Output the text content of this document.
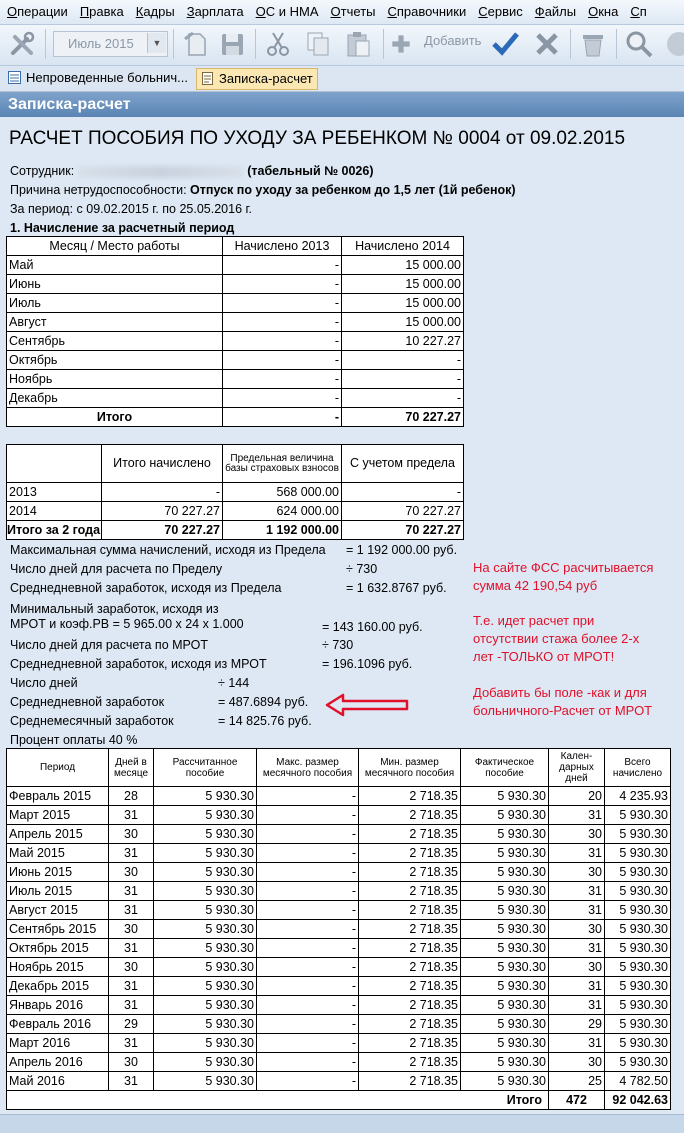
Операции Правка Кадры Зарплата ОС и НМА Отчеты Справочники Сервис Файлы Окна Сп
Июль 2015	▼	Добавить
Непроведенные больнич...	Записка-расчет
Записка-расчет
РАСЧЕТ ПОСОБИЯ ПО УХОДУ ЗА РЕБЕНКОМ № 0004 от 09.02.2015
Сотрудник:	(табельный № 0026)
Причина нетрудоспособности: Отпуск по уходу за ребенком до 1,5 лет (1й ребенок)
За период: с 09.02.2015 г. по 25.05.2016 г.
1. Начисление за расчетный период
Месяц / Место работы	Начислено 2013	Начислено 2014
Май	-	15 000.00
Июнь	-	15 000.00
Июль	-	15 000.00
Август	-	15 000.00
Сентябрь	-	10 227.27
Октябрь	-	-
Ноябрь	-	-
Декабрь	-	-
Итого	-	70 227.27
	Итого начислено	Предельная величина базы страховых взносов	С учетом предела
2013	-	568 000.00	-
2014	70 227.27	624 000.00	70 227.27
Итого за 2 года	70 227.27	1 192 000.00	70 227.27
Максимальная сумма начислений, исходя из Предела = 1 192 000.00 руб.
Число дней для расчета по Пределу	÷ 730
Среднедневной заработок, исходя из Предела	= 1 632.8767 руб.
Минимальный заработок, исходя из
МРОТ и коэф.РВ = 5 965.00 x 24 x 1.000	= 143 160.00 руб.
Число дней для расчета по МРОТ	÷ 730
Среднедневной заработок, исходя из МРОТ	= 196.1096 руб.
Число дней	÷ 144
Среднедневной заработок	= 487.6894 руб.
Среднемесячный заработок	= 14 825.76 руб.
Процент оплаты 40 %
На сайте ФСС расчитывается
сумма 42 190,54 руб
Т.е. идет расчет при
отсутствии стажа более 2-х
лет -ТОЛЬКО от МРОТ!
Добавить бы поле -как и для
больничного-Расчет от МРОТ
Период	Дней в месяце	Рассчитанное пособие	Макс. размер месячного пособия	Мин. размер месячного пособия	Фактическое пособие	Кален-дарных дней	Всего начислено
Февраль 2015	28	5 930.30	-	2 718.35	5 930.30	20	4 235.93
Март 2015	31	5 930.30	-	2 718.35	5 930.30	31	5 930.30
Апрель 2015	30	5 930.30	-	2 718.35	5 930.30	30	5 930.30
Май 2015	31	5 930.30	-	2 718.35	5 930.30	31	5 930.30
Июнь 2015	30	5 930.30	-	2 718.35	5 930.30	30	5 930.30
Июль 2015	31	5 930.30	-	2 718.35	5 930.30	31	5 930.30
Август 2015	31	5 930.30	-	2 718.35	5 930.30	31	5 930.30
Сентябрь 2015	30	5 930.30	-	2 718.35	5 930.30	30	5 930.30
Октябрь 2015	31	5 930.30	-	2 718.35	5 930.30	31	5 930.30
Ноябрь 2015	30	5 930.30	-	2 718.35	5 930.30	30	5 930.30
Декабрь 2015	31	5 930.30	-	2 718.35	5 930.30	31	5 930.30
Январь 2016	31	5 930.30	-	2 718.35	5 930.30	31	5 930.30
Февраль 2016	29	5 930.30	-	2 718.35	5 930.30	29	5 930.30
Март 2016	31	5 930.30	-	2 718.35	5 930.30	31	5 930.30
Апрель 2016	30	5 930.30	-	2 718.35	5 930.30	30	5 930.30
Май 2016	31	5 930.30	-	2 718.35	5 930.30	25	4 782.50
Итого						472	92 042.63
